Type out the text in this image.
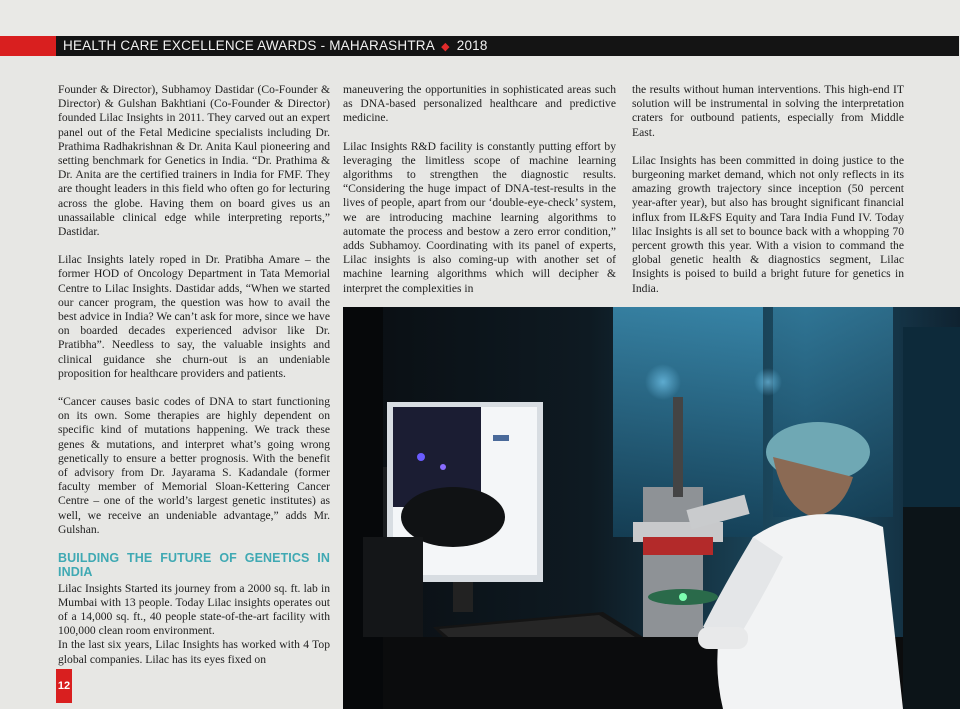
HEALTH CARE EXCELLENCE AWARDS - MAHARASHTRA ◆ 2018

Founder & Director), Subhamoy Dastidar (Co-Founder & Director) & Gulshan Bakhtiani (Co-Founder & Director) founded Lilac Insights in 2011. They carved out an expert panel out of the Fetal Medicine specialists including Dr. Prathima Radhakrishnan & Dr. Anita Kaul pioneering and setting benchmark for Genetics in India. “Dr. Prathima & Dr. Anita are the certified trainers in India for FMF. They are thought leaders in this field who often go for lecturing across the globe. Having them on board gives us an unassailable clinical edge while interpreting reports,” Dastidar.

Lilac Insights lately roped in Dr. Pratibha Amare – the former HOD of Oncology Department in Tata Memorial Centre to Lilac Insights. Dastidar adds, “When we started our cancer program, the question was how to avail the best advice in India? We can’t ask for more, since we have on boarded decades experienced advisor like Dr. Pratibha”. Needless to say, the valuable insights and clinical guidance she churn-out is an undeniable proposition for healthcare providers and patients.

“Cancer causes basic codes of DNA to start functioning on its own. Some therapies are highly dependent on specific kind of mutations happening. We track these genes & mutations, and interpret what’s going wrong genetically to ensure a better prognosis. With the benefit of advisory from Dr. Jayarama S. Kadandale (former faculty member of Memorial Sloan-Kettering Cancer Centre – one of the world’s largest genetic institutes) as well, we receive an undeniable advantage,” adds Mr. Gulshan.

BUILDING THE FUTURE OF GENETICS IN INDIA

Lilac Insights Started its journey from a 2000 sq. ft. lab in Mumbai with 13 people. Today Lilac insights operates out of a 14,000 sq. ft., 40 people state-of-the-art facility with 100,000 clean room environment.

In the last six years, Lilac Insights has worked with 4 Top global companies. Lilac has its eyes fixed on

maneuvering the opportunities in sophisticated areas such as DNA-based personalized healthcare and predictive medicine.

Lilac Insights R&D facility is constantly putting effort by leveraging the limitless scope of machine learning algorithms to strengthen the diagnostic results. “Considering the huge impact of DNA-test-results in the lives of people, apart from our ‘double-eye-check’ system, we are introducing machine learning algorithms to automate the process and bestow a zero error condition,” adds Subhamoy. Coordinating with its panel of experts, Lilac insights is also coming-up with another set of machine learning algorithms which will decipher & interpret the complexities in

the results without human interventions. This high-end IT solution will be instrumental in solving the interpretation craters for outbound patients, especially from Middle East.

Lilac Insights has been committed in doing justice to the burgeoning market demand, which not only reflects in its amazing growth trajectory since inception (50 percent year-after year), but also has brought significant financial influx from IL&FS Equity and Tara India Fund IV. Today lilac Insights is all set to bounce back with a whopping 70 percent growth this year. With a vision to command the global genetic health & diagnostics segment, Lilac Insights is poised to build a bright future for genetics in India.

12
